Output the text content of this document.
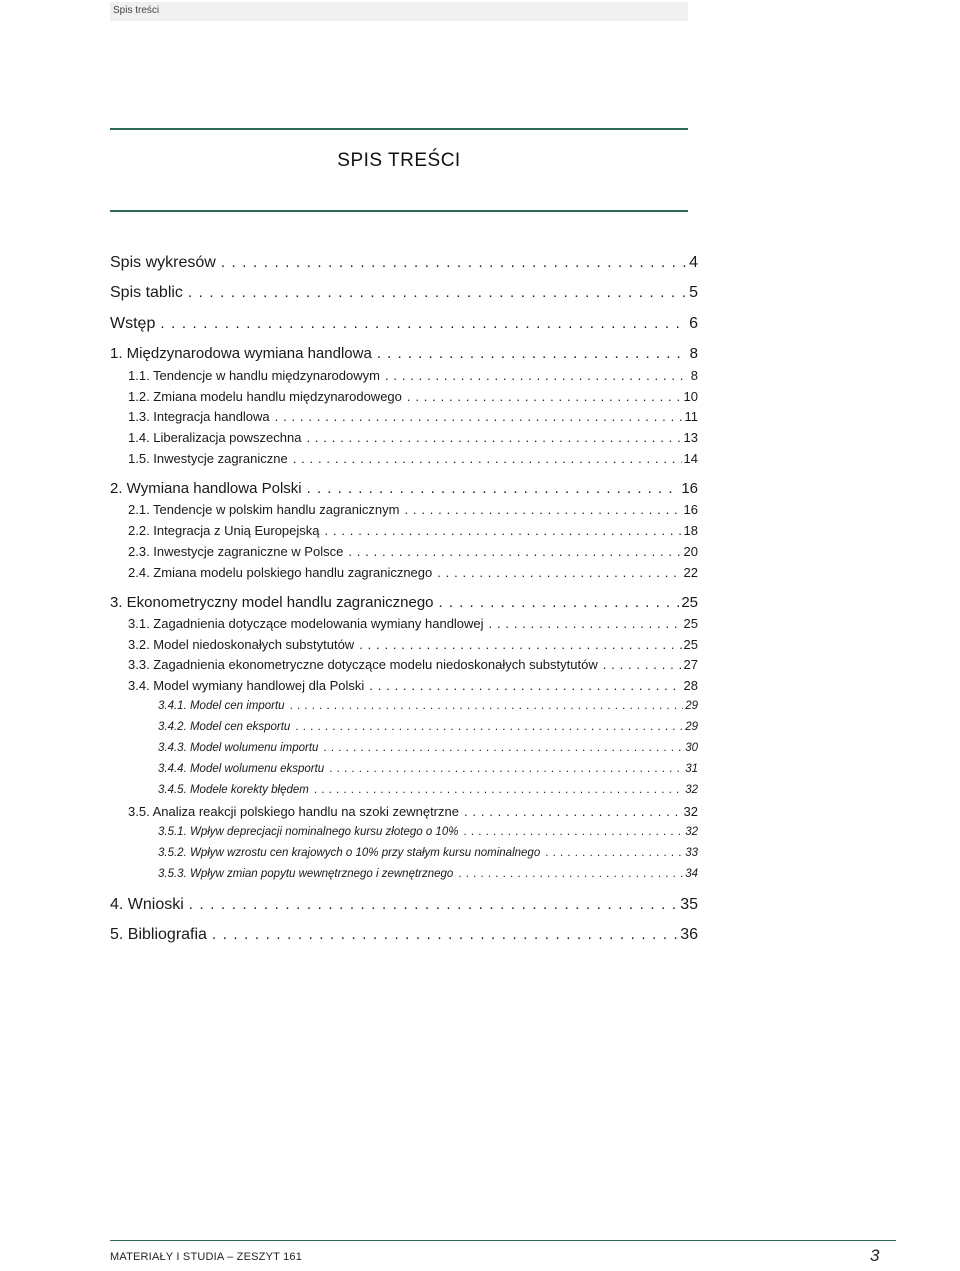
Spis treści
SPIS TREŚCI
Spis wykresów . . .	4
Spis tablic . . .	5
Wstęp . . .	6
1. Międzynarodowa wymiana handlowa . . .	8
1.1. Tendencje w handlu międzynarodowym . . .	8
1.2. Zmiana modelu handlu międzynarodowego . . .	10
1.3. Integracja handlowa . . .	11
1.4. Liberalizacja powszechna . . .	13
1.5. Inwestycje zagraniczne . . .	14
2. Wymiana handlowa Polski . . .	16
2.1. Tendencje w polskim handlu zagranicznym . . .	16
2.2. Integracja z Unią Europejską . . .	18
2.3. Inwestycje zagraniczne w Polsce . . .	20
2.4. Zmiana modelu polskiego handlu zagranicznego . . .	22
3. Ekonometryczny model handlu zagranicznego . . .	25
3.1. Zagadnienia dotyczące modelowania wymiany handlowej . . .	25
3.2. Model niedoskonałych substytutów . . .	25
3.3. Zagadnienia ekonometryczne dotyczące modelu niedoskonałych substytutów . . .	27
3.4. Model wymiany handlowej dla Polski . . .	28
3.4.1. Model cen importu . . .	29
3.4.2. Model cen eksportu . . .	29
3.4.3. Model wolumenu importu . . .	30
3.4.4. Model wolumenu eksportu . . .	31
3.4.5. Modele korekty błędem . . .	32
3.5. Analiza reakcji polskiego handlu na szoki zewnętrzne . . .	32
3.5.1. Wpływ deprecjacji nominalnego kursu złotego o 10% . . .	32
3.5.2. Wpływ wzrostu cen krajowych o 10% przy stałym kursu nominalnego . . .	33
3.5.3. Wpływ zmian popytu wewnętrznego i zewnętrznego . . .	34
4. Wnioski . . .	35
5. Bibliografia . . .	36
MATERIAŁY I STUDIA – ZESZYT 161	3
